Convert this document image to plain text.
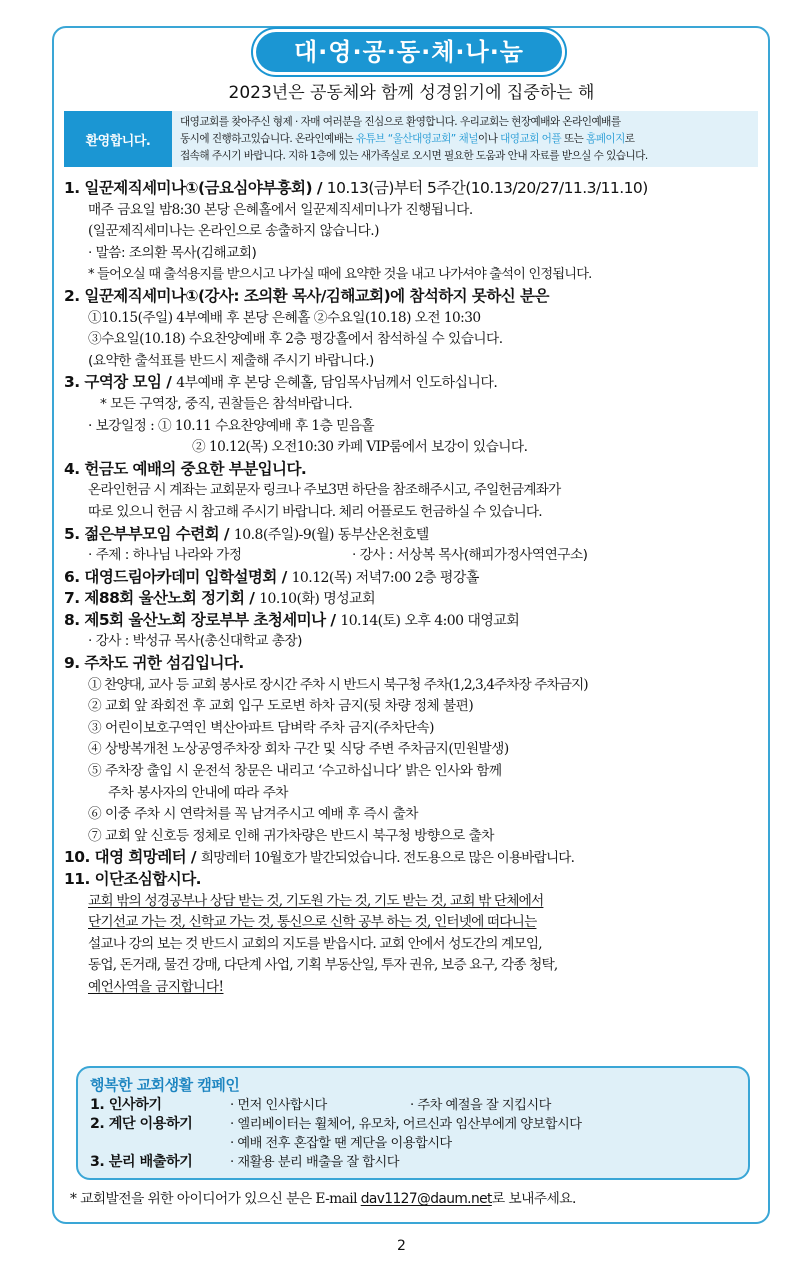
대·영·공·동·체·나·눔
2023년은 공동체와 함께 성경읽기에 집중하는 해
환영합니다.
대영교회를 찾아주신 형제 · 자매 여러분을 진심으로 환영합니다. 우리교회는 현장예배와 온라인예배를
동시에 진행하고있습니다. 온라인예배는 유튜브 “울산대영교회” 채널이나 대영교회 어플 또는 홈페이지로
접속해 주시기 바랍니다. 지하 1층에 있는 새가족실로 오시면 필요한 도움과 안내 자료를 받으실 수 있습니다.
1. 일꾼제직세미나①(금요심야부흥회) / 10.13(금)부터 5주간(10.13/20/27/11.3/11.10)
매주 금요일 밤8:30 본당 은혜홀에서 일꾼제직세미나가 진행됩니다.
(일꾼제직세미나는 온라인으로 송출하지 않습니다.)
· 말씀: 조의환 목사(김해교회)
* 들어오실 때 출석용지를 받으시고 나가실 때에 요약한 것을 내고 나가셔야 출석이 인정됩니다.
2. 일꾼제직세미나①(강사: 조의환 목사/김해교회)에 참석하지 못하신 분은
①10.15(주일) 4부예배 후 본당 은혜홀 ②수요일(10.18) 오전 10:30
③수요일(10.18) 수요찬양예배 후 2층 평강홀에서 참석하실 수 있습니다.
(요약한 출석표를 반드시 제출해 주시기 바랍니다.)
3. 구역장 모임 / 4부예배 후 본당 은혜홀, 담임목사님께서 인도하십니다.
* 모든 구역장, 중직, 권찰들은 참석바랍니다.
· 보강일정 : ① 10.11 수요찬양예배 후 1층 믿음홀
② 10.12(목) 오전10:30 카페 VIP룸에서 보강이 있습니다.
4. 헌금도 예배의 중요한 부분입니다.
온라인헌금 시 계좌는 교회문자 링크나 주보3면 하단을 참조해주시고, 주일헌금계좌가
따로 있으니 헌금 시 참고해 주시기 바랍니다. 체리 어플로도 헌금하실 수 있습니다.
5. 젊은부부모임 수련회 / 10.8(주일)-9(월) 동부산온천호텔
· 주제 : 하나님 나라와 가정	· 강사 : 서상복 목사(해피가정사역연구소)
6. 대영드림아카데미 입학설명회 / 10.12(목) 저녁7:00 2층 평강홀
7. 제88회 울산노회 정기회 / 10.10(화) 명성교회
8. 제5회 울산노회 장로부부 초청세미나 / 10.14(토) 오후 4:00 대영교회
· 강사 : 박성규 목사(총신대학교 총장)
9. 주차도 귀한 섬김입니다.
① 찬양대, 교사 등 교회 봉사로 장시간 주차 시 반드시 북구청 주차(1,2,3,4주차장 주차금지)
② 교회 앞 좌회전 후 교회 입구 도로변 하차 금지(뒷 차량 정체 불편)
③ 어린이보호구역인 벽산아파트 담벼락 주차 금지(주차단속)
④ 상방복개천 노상공영주차장 회차 구간 및 식당 주변 주차금지(민원발생)
⑤ 주차장 출입 시 운전석 창문은 내리고 ‘수고하십니다’ 밝은 인사와 함께
주차 봉사자의 안내에 따라 주차
⑥ 이중 주차 시 연락처를 꼭 남겨주시고 예배 후 즉시 출차
⑦ 교회 앞 신호등 정체로 인해 귀가차량은 반드시 북구청 방향으로 출차
10. 대영 희망레터 / 희망레터 10월호가 발간되었습니다. 전도용으로 많은 이용바랍니다.
11. 이단조심합시다.
교회 밖의 성경공부나 상담 받는 것, 기도원 가는 것, 기도 받는 것, 교회 밖 단체에서
단기선교 가는 것, 신학교 가는 것, 통신으로 신학 공부 하는 것, 인터넷에 떠다니는
설교나 강의 보는 것 반드시 교회의 지도를 받읍시다. 교회 안에서 성도간의 계모임,
동업, 돈거래, 물건 강매, 다단계 사업, 기획 부동산일, 투자 권유, 보증 요구, 각종 청탁,
예언사역을 금지합니다!
행복한 교회생활 캠페인
1. 인사하기	· 먼저 인사합시다	· 주차 예절을 잘 지킵시다
2. 계단 이용하기	· 엘리베이터는 휠체어, 유모차, 어르신과 임산부에게 양보합시다
· 예배 전후 혼잡할 땐 계단을 이용합시다
3. 분리 배출하기	· 재활용 분리 배출을 잘 합시다
* 교회발전을 위한 아이디어가 있으신 분은 E-mail dav1127@daum.net로 보내주세요.
2
